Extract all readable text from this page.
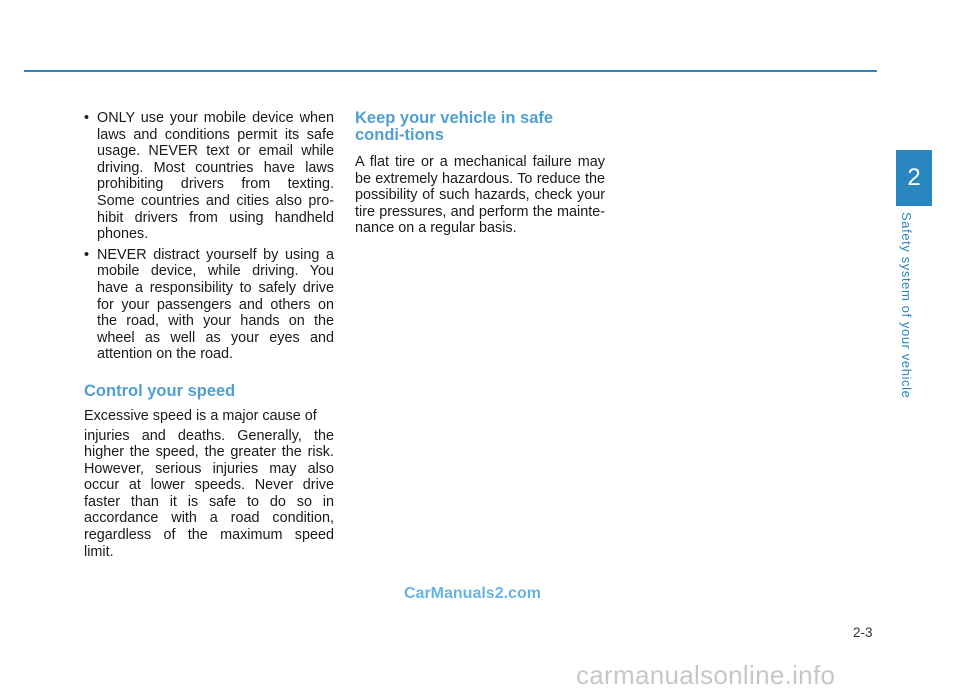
• ONLY use your mobile device when laws and conditions permit its safe usage. NEVER text or email while driving. Most countries have laws prohibiting drivers from texting. Some countries and cities also pro-hibit drivers from using handheld phones.
• NEVER distract yourself by using a mobile device, while driving. You have a responsibility to safely drive for your passengers and others on the road, with your hands on the wheel as well as your eyes and attention on the road.
Control your speed

Excessive speed is a major cause of

injuries and deaths. Generally, the higher the speed, the greater the risk. However, serious injuries may also occur at lower speeds. Never drive faster than it is safe to do so in accordance with a road condition, regardless of the maximum speed limit.

Keep your vehicle in safe condi-tions

A flat tire or a mechanical failure may be extremely hazardous. To reduce the possibility of such hazards, check your tire pressures, and perform the mainte-nance on a regular basis.

2
Safety system of your vehicle
2-3
CarManuals2.com
carmanualsonline.info
